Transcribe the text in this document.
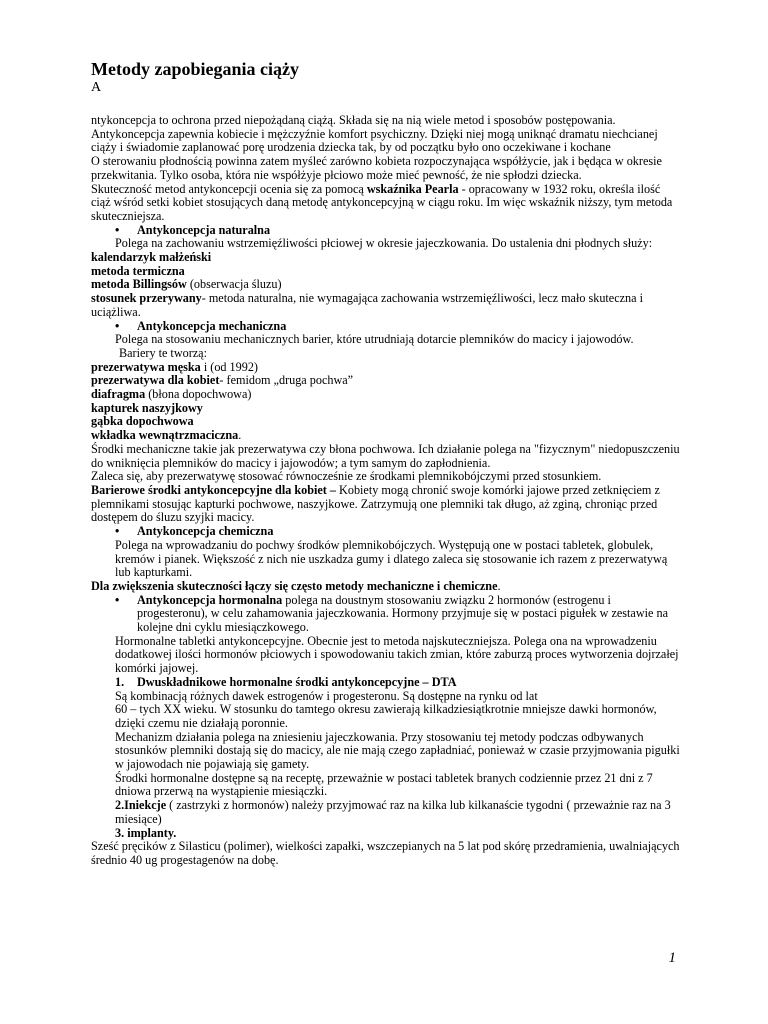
Metody zapobiegania ciąży

A

ntykoncepcja to ochrona przed niepożądaną ciążą. Składa się na nią wiele metod i sposobów postępowania. Antykoncepcja zapewnia kobiecie i mężczyźnie komfort psychiczny. Dzięki niej mogą uniknąć dramatu niechcianej ciąży i świadomie zaplanować porę urodzenia dziecka tak, by od początku było ono oczekiwane i kochane

O sterowaniu płodnością powinna zatem myśleć zarówno kobieta rozpoczynająca współżycie, jak i będąca w okresie przekwitania. Tylko osoba, która nie współżyje płciowo może mieć pewność, że nie spłodzi dziecka.

Skuteczność metod antykoncepcji ocenia się za pomocą wskaźnika Pearla - opracowany w 1932 roku, określa ilość ciąż wśród setki kobiet stosujących daną metodę antykoncepcyjną w ciągu roku. Im więc wskaźnik niższy, tym metoda skuteczniejsza.

•	Antykoncepcja naturalna

Polega na zachowaniu wstrzemięźliwości płciowej w okresie jajeczkowania. Do ustalenia dni płodnych służy:

kalendarzyk małżeński

metoda termiczna

metoda Billingsów (obserwacja śluzu)

stosunek przerywany- metoda naturalna, nie wymagająca zachowania wstrzemięźliwości, lecz mało skuteczna i uciążliwa.

•	Antykoncepcja mechaniczna

Polega na stosowaniu mechanicznych barier, które utrudniają dotarcie plemników do macicy i jajowodów.

Bariery te tworzą:

prezerwatywa męska i (od 1992)

prezerwatywa dla kobiet- femidom „druga pochwa”

diafragma (błona dopochwowa)

kapturek naszyjkowy

gąbka dopochwowa

wkładka wewnątrzmaciczna.

Środki mechaniczne takie jak prezerwatywa czy błona pochwowa. Ich działanie polega na "fizycznym" niedopuszczeniu do wniknięcia plemników do macicy i jajowodów; a tym samym do zapłodnienia.

Zaleca się, aby prezerwatywę stosować równocześnie ze środkami plemnikobójczymi przed stosunkiem.

Barierowe środki antykoncepcyjne dla kobiet – Kobiety mogą chronić swoje komórki jajowe przed zetknięciem z plemnikami stosując kapturki pochwowe, naszyjkowe. Zatrzymują one plemniki tak długo, aż zginą, chroniąc przed dostępem do śluzu szyjki macicy.

•	Antykoncepcja chemiczna

Polega na wprowadzaniu do pochwy środków plemnikobójczych. Występują one w postaci tabletek, globulek, kremów i pianek. Większość z nich nie uszkadza gumy i dlatego zaleca się stosowanie ich razem z prezerwatywą lub kapturkami.

Dla zwiększenia skuteczności łączy się często metody mechaniczne i chemiczne.

•	Antykoncepcja hormonalna polega na doustnym stosowaniu związku 2 hormonów (estrogenu i progesteronu), w celu zahamowania jajeczkowania. Hormony przyjmuje się w postaci pigułek w zestawie na kolejne dni cyklu miesiączkowego.

Hormonalne tabletki antykoncepcyjne. Obecnie jest to metoda najskuteczniejsza. Polega ona na wprowadzeniu dodatkowej ilości hormonów płciowych i spowodowaniu takich zmian, które zaburzą proces wytworzenia dojrzałej komórki jajowej.

1. Dwuskładnikowe hormonalne środki antykoncepcyjne – DTA

Są kombinacją różnych dawek estrogenów i progesteronu. Są dostępne na rynku od lat

60 – tych XX wieku. W stosunku do tamtego okresu zawierają kilkadziesiątkrotnie mniejsze dawki hormonów, dzięki czemu nie działają poronnie.

Mechanizm działania polega na zniesieniu jajeczkowania. Przy stosowaniu tej metody podczas odbywanych stosunków plemniki dostają się do macicy, ale nie mają czego zapładniać, ponieważ w czasie przyjmowania pigułki w jajowodach nie pojawiają się gamety.

Środki hormonalne dostępne są na receptę, przeważnie w postaci tabletek branych codziennie przez 21 dni z 7 dniowa przerwą na wystąpienie miesiączki.

2.Iniekcje ( zastrzyki z hormonów) należy przyjmować raz na kilka lub kilkanaście tygodni ( przeważnie raz na 3 miesiące)

3. implanty.

Sześć pręcików z Silasticu (polimer), wielkości zapałki, wszczepianych na 5 lat pod skórę przedramienia, uwalniających średnio 40 ug progestagenów na dobę.

1
